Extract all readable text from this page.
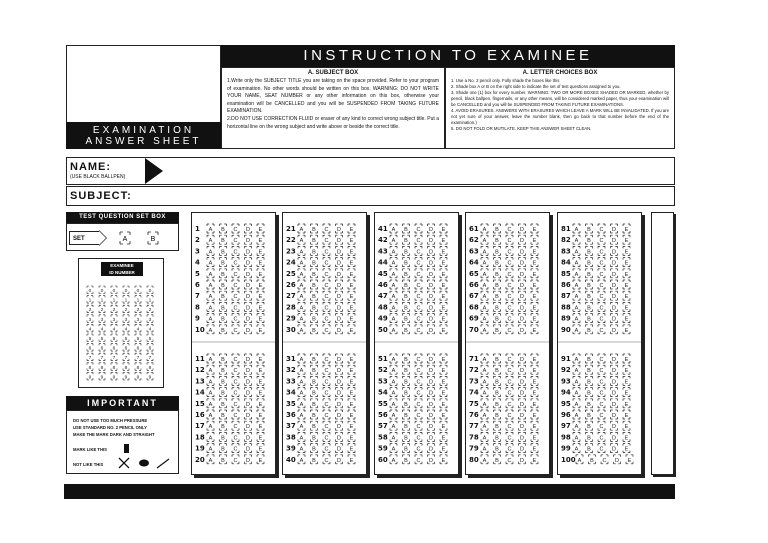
EXAMINATION
ANSWER SHEET
INSTRUCTION TO EXAMINEE
A. SUBJECT BOX

1.Write only the SUBJECT TITLE you are taking on the space provided. Refer to your program of examination. No other words should be written on this box. WARNING: DO NOT WRITE YOUR NAME, SEAT NUMBER or any other information on this box, otherwise your examination will be CANCELLED and you will be SUSPENDED FROM TAKING FUTURE EXAMINATION.

2.DO NOT USE CORRECTION FLUID or eraser of any kind to correct wrong subject title. Put a horizontal line on the wrong subject and write above or beside the correct title.

A. LETTER CHOICES BOX

1. Use a No. 2 pencil only. Fully shade the boxes like this

2. Shade box A or B on the right side to indicate the set of test questions assigned to you.

3. Shade one (1) box for every number. WARNING: TWO OR MORE BOXES SHADED OR MARKED, whether by pencil, black ballpen, fingernails, or any other means, will be considered marked paper, thus your examination will be CANCELLED and you will be SUSPENDED FROM TAKING FUTURE EXAMINATIONS.

4. AVOID ERASURES. ANSWERS WITH ERASURES WHICH LEAVE A MARK WILL BE INVALIDATED. If you are not yet sure of your answer, leave the number blank, then go back to that number before the end of the examination.)

5. DO NOT FOLD OR MUTILATE. KEEP THIS ANSWER SHEET CLEAN.

NAME:
(USE BLACK BALLPEN)
SUBJECT:
TEST QUESTION SET BOX
SET	A	B
EXAMINEE
ID NUMBER
0
1
2
3
4
5
6
7
8
9
0
1
2
3
4
5
6
7
8
9
0
1
2
3
4
5
6
7
8
9
0
1
2
3
4
5
6
7
8
9
0
1
2
3
4
5
6
7
8
9
0
1
2
3
4
5
6
7
8
9
IMPORTANT
DO NOT USE TOO MUCH PRESSURE
USE STANDARD NO. 2 PENCIL ONLY
MAKE THE MARK DARK AND STRAIGHT
MARK LIKE THIS
NOT LIKE THIS
1 A B C D E
2 A B C D E
3 A B C D E
4 A B C D E
5 A B C D E
6 A B C D E
7 A B C D E
8 A B C D E
9 A B C D E
10 A B C D E
11 A B C D E
12 A B C D E
13 A B C D E
14 A B C D E
15 A B C D E
16 A B C D E
17 A B C D E
18 A B C D E
19 A B C D E
20 A B C D E
21 A B C D E
22 A B C D E
23 A B C D E
24 A B C D E
25 A B C D E
26 A B C D E
27 A B C D E
28 A B C D E
29 A B C D E
30 A B C D E
31 A B C D E
32 A B C D E
33 A B C D E
34 A B C D E
35 A B C D E
36 A B C D E
37 A B C D E
38 A B C D E
39 A B C D E
40 A B C D E
41 A B C D E
42 A B C D E
43 A B C D E
44 A B C D E
45 A B C D E
46 A B C D E
47 A B C D E
48 A B C D E
49 A B C D E
50 A B C D E
51 A B C D E
52 A B C D E
53 A B C D E
54 A B C D E
55 A B C D E
56 A B C D E
57 A B C D E
58 A B C D E
59 A B C D E
60 A B C D E
61 A B C D E
62 A B C D E
63 A B C D E
64 A B C D E
65 A B C D E
66 A B C D E
67 A B C D E
68 A B C D E
69 A B C D E
70 A B C D E
71 A B C D E
72 A B C D E
73 A B C D E
74 A B C D E
75 A B C D E
76 A B C D E
77 A B C D E
78 A B C D E
79 A B C D E
80 A B C D E
81 A B C D E
82 A B C D E
83 A B C D E
84 A B C D E
85 A B C D E
86 A B C D E
87 A B C D E
88 A B C D E
89 A B C D E
90 A B C D E
91 A B C D E
92 A B C D E
93 A B C D E
94 A B C D E
95 A B C D E
96 A B C D E
97 A B C D E
98 A B C D E
99 A B C D E
100 A B C D E
